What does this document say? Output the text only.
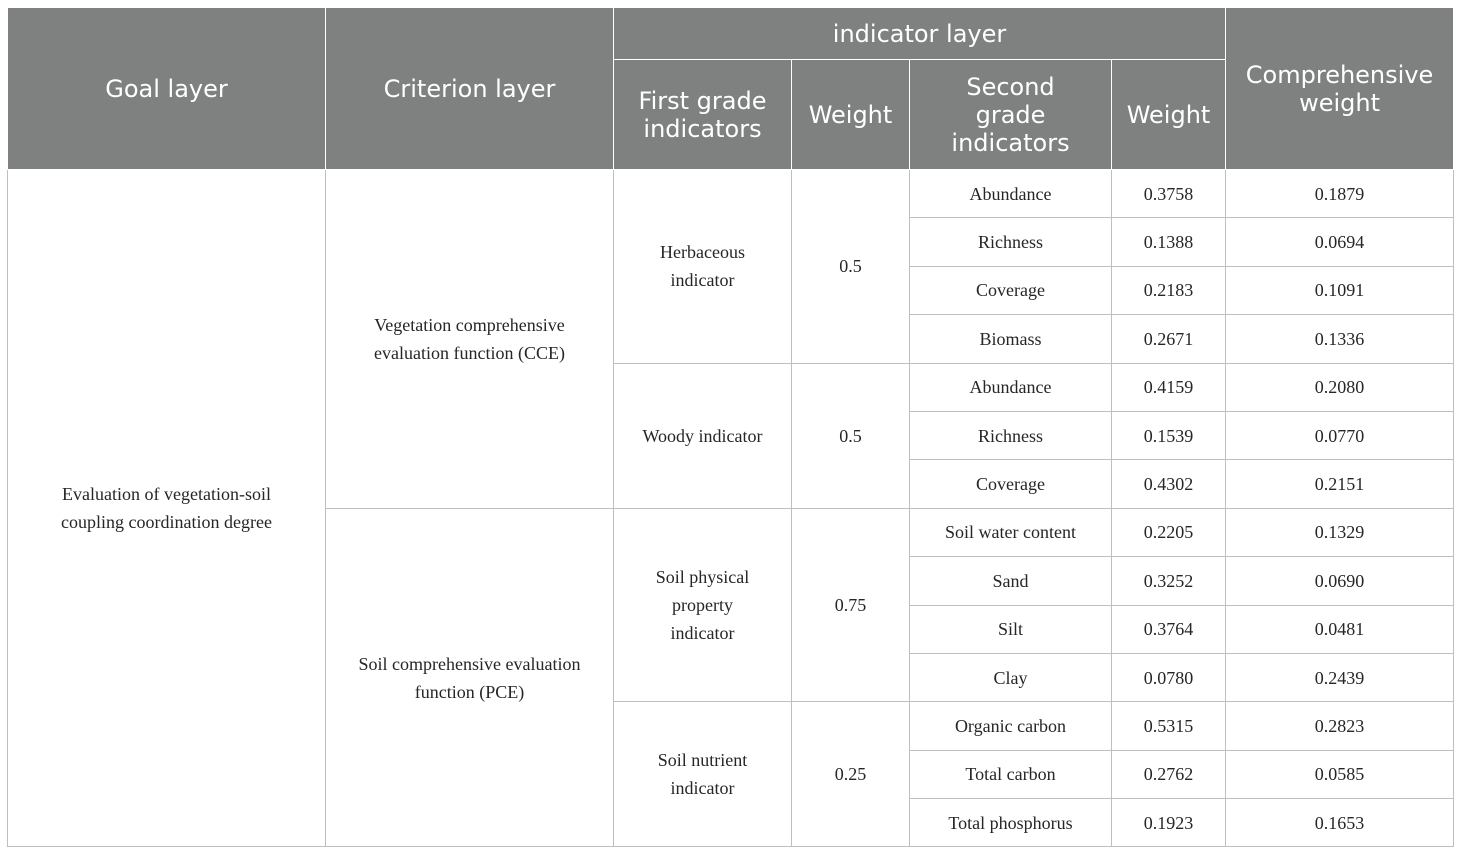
Goal layer	Criterion layer	indicator layer				Comprehensive weight
		First grade indicators	Weight	Second grade indicators	Weight	
Evaluation of vegetation-soil coupling coordination degree	Vegetation comprehensive evaluation function (CCE)	Herbaceous indicator	0.5	Abundance	0.3758	0.1879
				Richness	0.1388	0.0694
				Coverage	0.2183	0.1091
				Biomass	0.2671	0.1336
		Woody indicator	0.5	Abundance	0.4159	0.2080
				Richness	0.1539	0.0770
				Coverage	0.4302	0.2151
	Soil comprehensive evaluation function (PCE)	Soil physical property indicator	0.75	Soil water content	0.2205	0.1329
				Sand	0.3252	0.0690
				Silt	0.3764	0.0481
				Clay	0.0780	0.2439
		Soil nutrient indicator	0.25	Organic carbon	0.5315	0.2823
				Total carbon	0.2762	0.0585
				Total phosphorus	0.1923	0.1653
